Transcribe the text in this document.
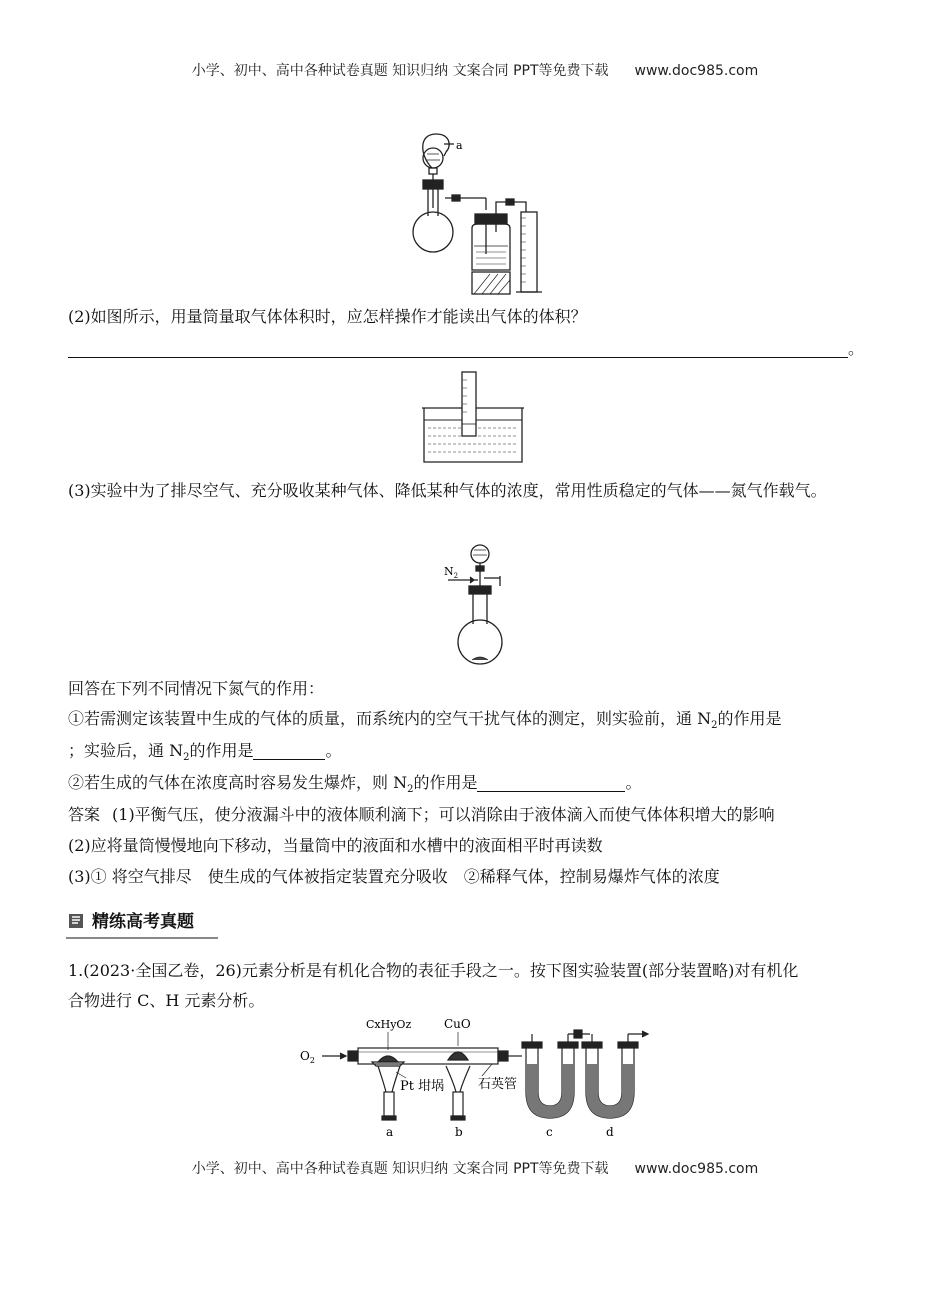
小学、初中、高中各种试卷真题 知识归纳 文案合同 PPT等免费下载 www.doc985.com
a
(2)如图所示，用量筒量取气体体积时，应怎样操作才能读出气体的体积？
。
(3)实验中为了排尽空气、充分吸收某种气体、降低某种气体的浓度，常用性质稳定的气体——氮气作载气。
$N_2$
回答在下列不同情况下氮气的作用：
①若需测定该装置中生成的气体的质量，而系统内的空气干扰气体的测定，则实验前，通 $N_2$的作用是
；实验后，通 $N_2$的作用是	。
②若生成的气体在浓度高时容易发生爆炸，则 $N_2$的作用是	。
答案 (1)平衡气压，使分液漏斗中的液体顺利滴下；可以消除由于液体滴入而使气体体积增大的影响
(2)应将量筒慢慢地向下移动，当量筒中的液面和水槽中的液面相平时再读数
(3)① 将空气排尽　使生成的气体被指定装置充分吸收　②稀释气体，控制易爆炸气体的浓度
精练高考真题
1.(2023·全国乙卷，26)元素分析是有机化合物的表征手段之一。按下图实验装置(部分装置略)对有机化
合物进行 C、H 元素分析。
$O_2$
CxHyOz	CuO
Pt 坩埚	石英管
a	b	c	d
小学、初中、高中各种试卷真题 知识归纳 文案合同 PPT等免费下载 www.doc985.com
